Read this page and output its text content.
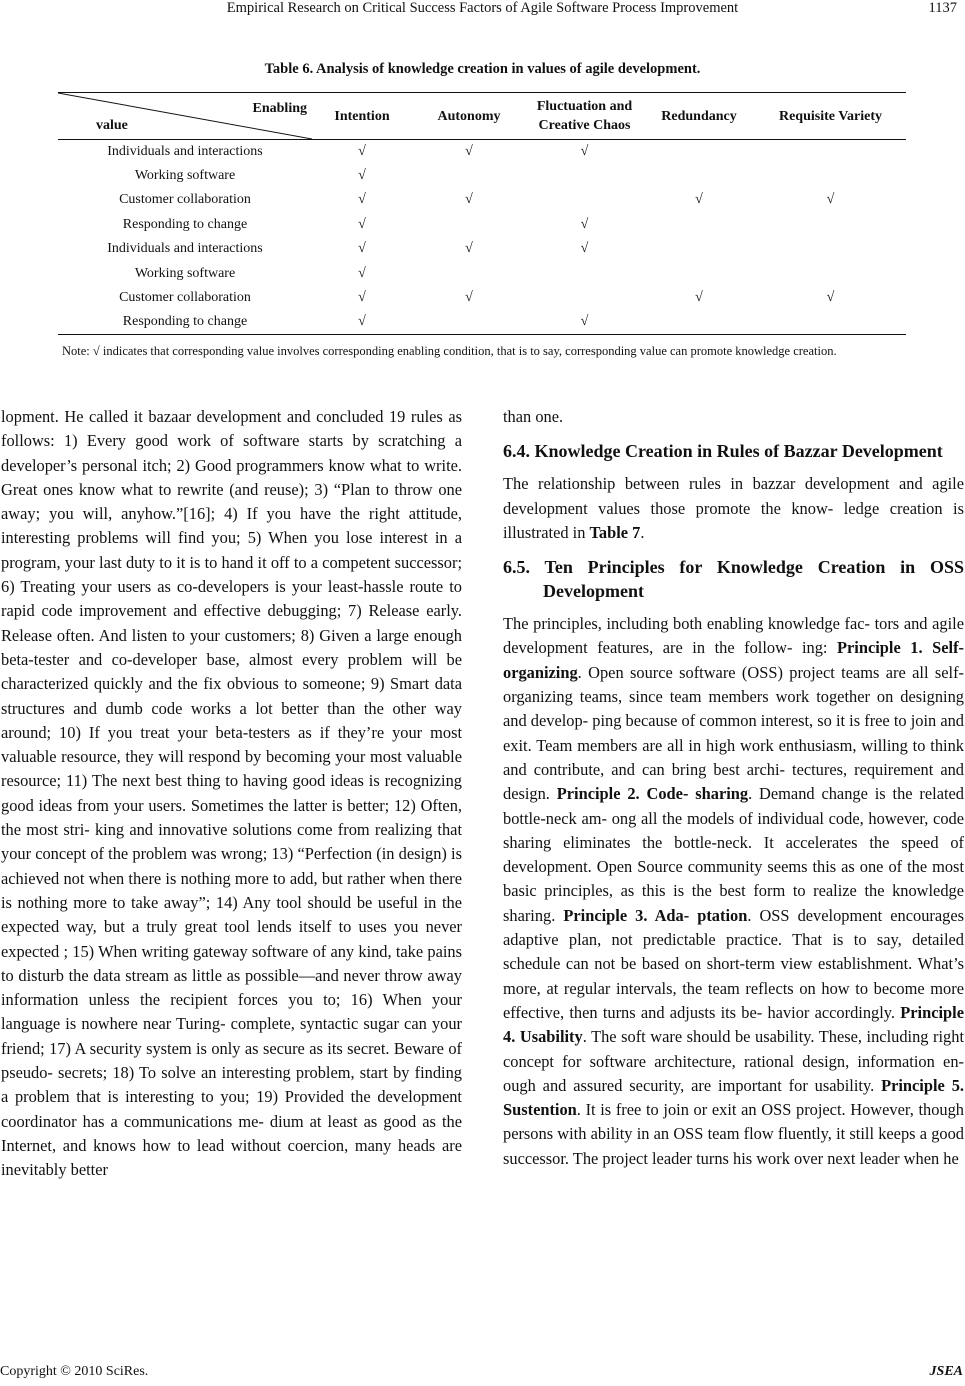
Empirical Research on Critical Success Factors of Agile Software Process Improvement	1137
Table 6. Analysis of knowledge creation in values of agile development.
Enabling
value	Intention	Autonomy	Fluctuation and Creative Chaos	Redundancy	Requisite Variety
Individuals and interactions	√	√	√		
Working software	√				
Customer collaboration	√	√		√	√
Responding to change	√		√		
Individuals and interactions	√	√	√		
Working software	√				
Customer collaboration	√	√		√	√
Responding to change	√		√		
Note: √ indicates that corresponding value involves corresponding enabling condition, that is to say, corresponding value can promote knowledge creation.

lopment. He called it bazaar development and concluded 19 rules as follows: 1) Every good work of software starts by scratching a developer’s personal itch; 2) Good programmers know what to write. Great ones know what to rewrite (and reuse); 3) “Plan to throw one away; you will, anyhow.”[16]; 4) If you have the right attitude, interesting problems will find you; 5) When you lose interest in a program, your last duty to it is to hand it off to a competent successor; 6) Treating your users as co-developers is your least-hassle route to rapid code improvement and effective debugging; 7) Release early. Release often. And listen to your customers; 8) Given a large enough beta-tester and co-developer base, almost every problem will be characterized quickly and the fix obvious to someone; 9) Smart data structures and dumb code works a lot better than the other way around; 10) If you treat your beta-testers as if they’re your most valuable resource, they will respond by becoming your most valuable resource; 11) The next best thing to having good ideas is recognizing good ideas from your users. Sometimes the latter is better; 12) Often, the most stri- king and innovative solutions come from realizing that your concept of the problem was wrong; 13) “Perfection (in design) is achieved not when there is nothing more to add, but rather when there is nothing more to take away”; 14) Any tool should be useful in the expected way, but a truly great tool lends itself to uses you never expected ; 15) When writing gateway software of any kind, take pains to disturb the data stream as little as possible—and never throw away information unless the recipient forces you to; 16) When your language is nowhere near Turing- complete, syntactic sugar can your friend; 17) A security system is only as secure as its secret. Beware of pseudo- secrets; 18) To solve an interesting problem, start by finding a problem that is interesting to you; 19) Provided the development coordinator has a communications me- dium at least as good as the Internet, and knows how to lead without coercion, many heads are inevitably better

than one.

6.4. Knowledge Creation in Rules of Bazzar Development

The relationship between rules in bazzar development and agile development values those promote the know- ledge creation is illustrated in Table 7.

6.5. Ten Principles for Knowledge Creation in OSS Development

The principles, including both enabling knowledge fac- tors and agile development features, are in the follow- ing: Principle 1. Self-organizing. Open source software (OSS) project teams are all self-organizing teams, since team members work together on designing and develop- ping because of common interest, so it is free to join and exit. Team members are all in high work enthusiasm, willing to think and contribute, and can bring best archi- tectures, requirement and design. Principle 2. Code- sharing. Demand change is the related bottle-neck am- ong all the models of individual code, however, code sharing eliminates the bottle-neck. It accelerates the speed of development. Open Source community seems this as one of the most basic principles, as this is the best form to realize the knowledge sharing. Principle 3. Ada- ptation. OSS development encourages adaptive plan, not predictable practice. That is to say, detailed schedule can not be based on short-term view establishment. What’s more, at regular intervals, the team reflects on how to become more effective, then turns and adjusts its be- havior accordingly. Principle 4. Usability. The soft ware should be usability. These, including right concept for software architecture, rational design, information en- ough and assured security, are important for usability. Principle 5. Sustention. It is free to join or exit an OSS project. However, though persons with ability in an OSS team flow fluently, it still keeps a good successor. The project leader turns his work over next leader when he

Copyright © 2010 SciRes.	JSEA
